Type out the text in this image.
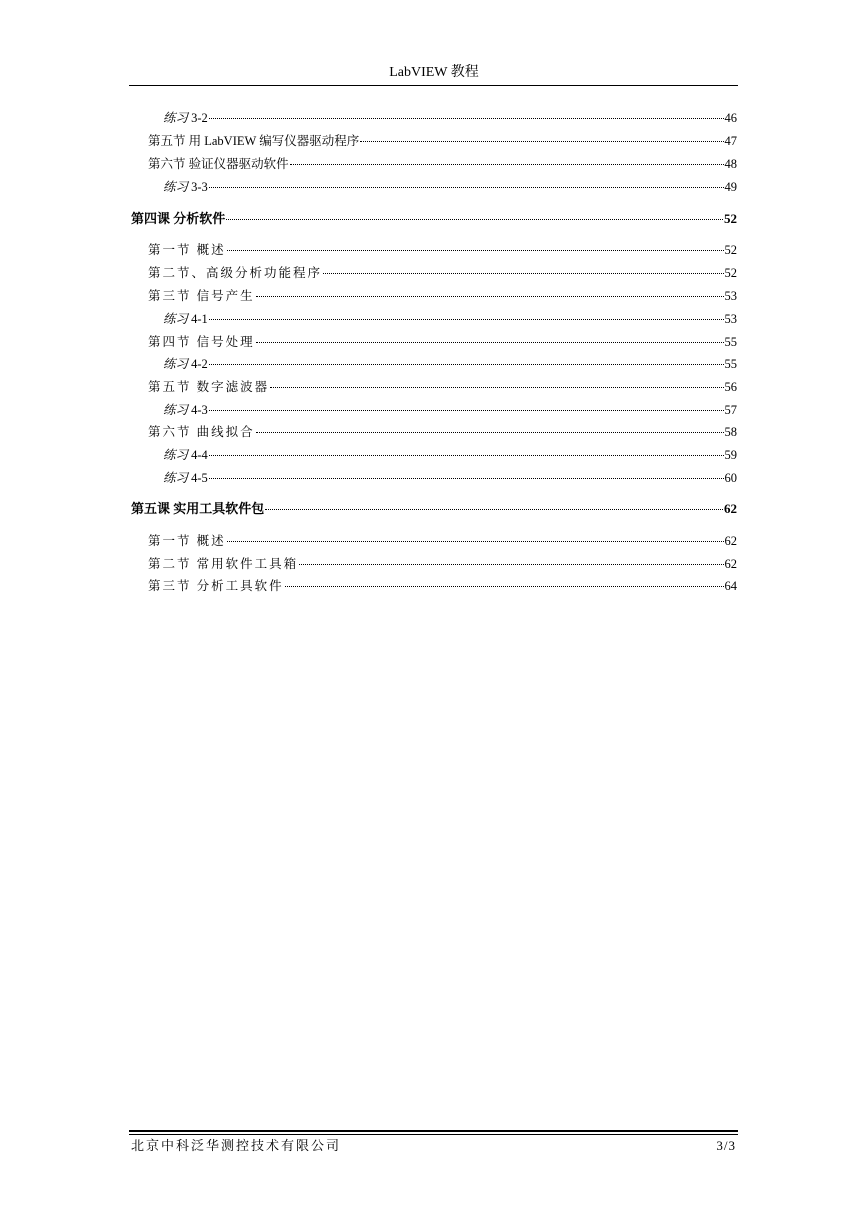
LabVIEW 教程
练习 3-2	46
第五节 用 LabVIEW 编写仪器驱动程序	47
第六节 验证仪器驱动软件	48
练习 3-3	49
第四课 分析软件	52
第一节 概述	52
第二节、高级分析功能程序	52
第三节 信号产生	53
练习 4-1	53
第四节 信号处理	55
练习 4-2	55
第五节 数字滤波器	56
练习 4-3	57
第六节 曲线拟合	58
练习 4-4	59
练习 4-5	60
第五课 实用工具软件包	62
第一节 概述	62
第二节 常用软件工具箱	62
第三节 分析工具软件	64
北京中科泛华测控技术有限公司	3/3
